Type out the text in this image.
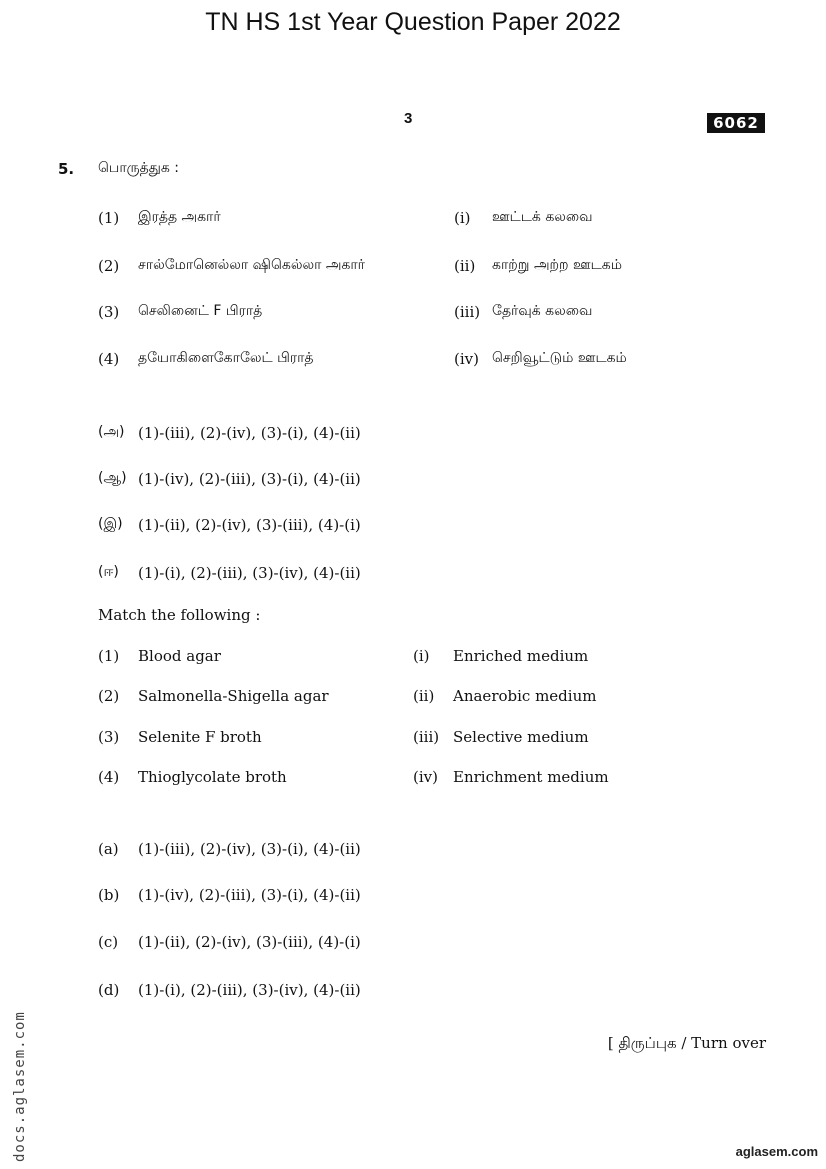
TN HS 1st Year Question Paper 2022
3	6062
5. பொருத்துக :
(1) இரத்த அகார்	(i) ஊட்டக் கலவை
(2) சால்மோனெல்லா ஷிகெல்லா அகார்	(ii) காற்று அற்ற ஊடகம்
(3) செலினைட் F பிராத்	(iii) தேர்வுக் கலவை
(4) தயோகிளைகோலேட் பிராத்	(iv) செறிவூட்டும் ஊடகம்
(அ) (1)-(iii), (2)-(iv), (3)-(i), (4)-(ii)
(ஆ) (1)-(iv), (2)-(iii), (3)-(i), (4)-(ii)
(இ) (1)-(ii), (2)-(iv), (3)-(iii), (4)-(i)
(ஈ) (1)-(i), (2)-(iii), (3)-(iv), (4)-(ii)
Match the following :
(1) Blood agar	(i) Enriched medium
(2) Salmonella-Shigella agar	(ii) Anaerobic medium
(3) Selenite F broth	(iii) Selective medium
(4) Thioglycolate broth	(iv) Enrichment medium
(a) (1)-(iii), (2)-(iv), (3)-(i), (4)-(ii)
(b) (1)-(iv), (2)-(iii), (3)-(i), (4)-(ii)
(c) (1)-(ii), (2)-(iv), (3)-(iii), (4)-(i)
(d) (1)-(i), (2)-(iii), (3)-(iv), (4)-(ii)
[ திருப்புக / Turn over
docs.aglasem.com	aglasem.com
